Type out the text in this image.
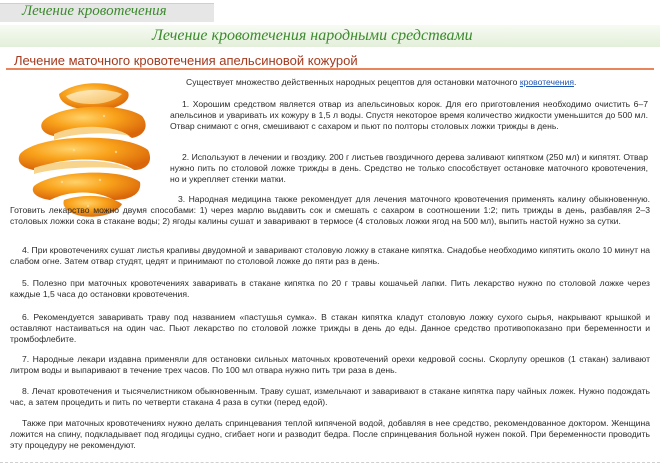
Лечение кровотечения
Лечение кровотечения народными средствами
Лечение маточного кровотечения апельсиновой кожурой
Существует множество действенных народных рецептов для остановки маточного кровотечения.
1. Хорошим средством является отвар из апельсиновых корок. Для его приготовления необходимо очистить 6–7 апельсинов и уваривать их кожуру в 1,5 л воды. Спустя некоторое время количество жидкости уменьшится до 500 мл. Отвар снимают с огня, смешивают с сахаром и пьют по полторы столовых ложки трижды в день.
2. Используют в лечении и гвоздику. 200 г листьев гвоздичного дерева заливают кипятком (250 мл) и кипятят. Отвар нужно пить по столовой ложке трижды в день. Средство не только способствует остановке маточного кровотечения, но и укрепляет стенки матки.
3. Народная медицина также рекомендует для лечения маточного кровотечения применять калину обыкновенную. Готовить лекарство можно двумя способами: 1) через марлю выдавить сок и смешать с сахаром в соотношении 1:2; пить трижды в день, разбавляя 2–3 столовых ложки сока в стакане воды; 2) ягоды калины сушат и заваривают в термосе (4 столовых ложки ягод на 500 мл), выпить настой нужно за сутки.
4. При кровотечениях сушат листья крапивы двудомной и заваривают столовую ложку в стакане кипятка. Снадобье необходимо кипятить около 10 минут на слабом огне. Затем отвар студят, цедят и принимают по столовой ложке до пяти раз в день.
5. Полезно при маточных кровотечениях заваривать в стакане кипятка по 20 г травы кошачьей лапки. Пить лекарство нужно по столовой ложке через каждые 1,5 часа до остановки кровотечения.
6. Рекомендуется заваривать траву под названием «пастушья сумка». В стакан кипятка кладут столовую ложку сухого сырья, накрывают крышкой и оставляют настаиваться на один час. Пьют лекарство по столовой ложке трижды в день до еды. Данное средство противопоказано при беременности и тромбофлебите.
7. Народные лекари издавна применяли для остановки сильных маточных кровотечений орехи кедровой сосны. Скорлупу орешков (1 стакан) заливают литром воды и выпаривают в течение трех часов. По 100 мл отвара нужно пить три раза в день.
8. Лечат кровотечения и тысячелистником обыкновенным. Траву сушат, измельчают и заваривают в стакане кипятка пару чайных ложек. Нужно подождать час, а затем процедить и пить по четверти стакана 4 раза в сутки (перед едой).
Также при маточных кровотечениях нужно делать спринцевания теплой кипяченой водой, добавляя в нее средство, рекомендованное доктором. Женщина ложится на спину, подкладывает под ягодицы судно, сгибает ноги и разводит бедра. После спринцевания больной нужен покой. При беременности проводить эту процедуру не рекомендуют.
